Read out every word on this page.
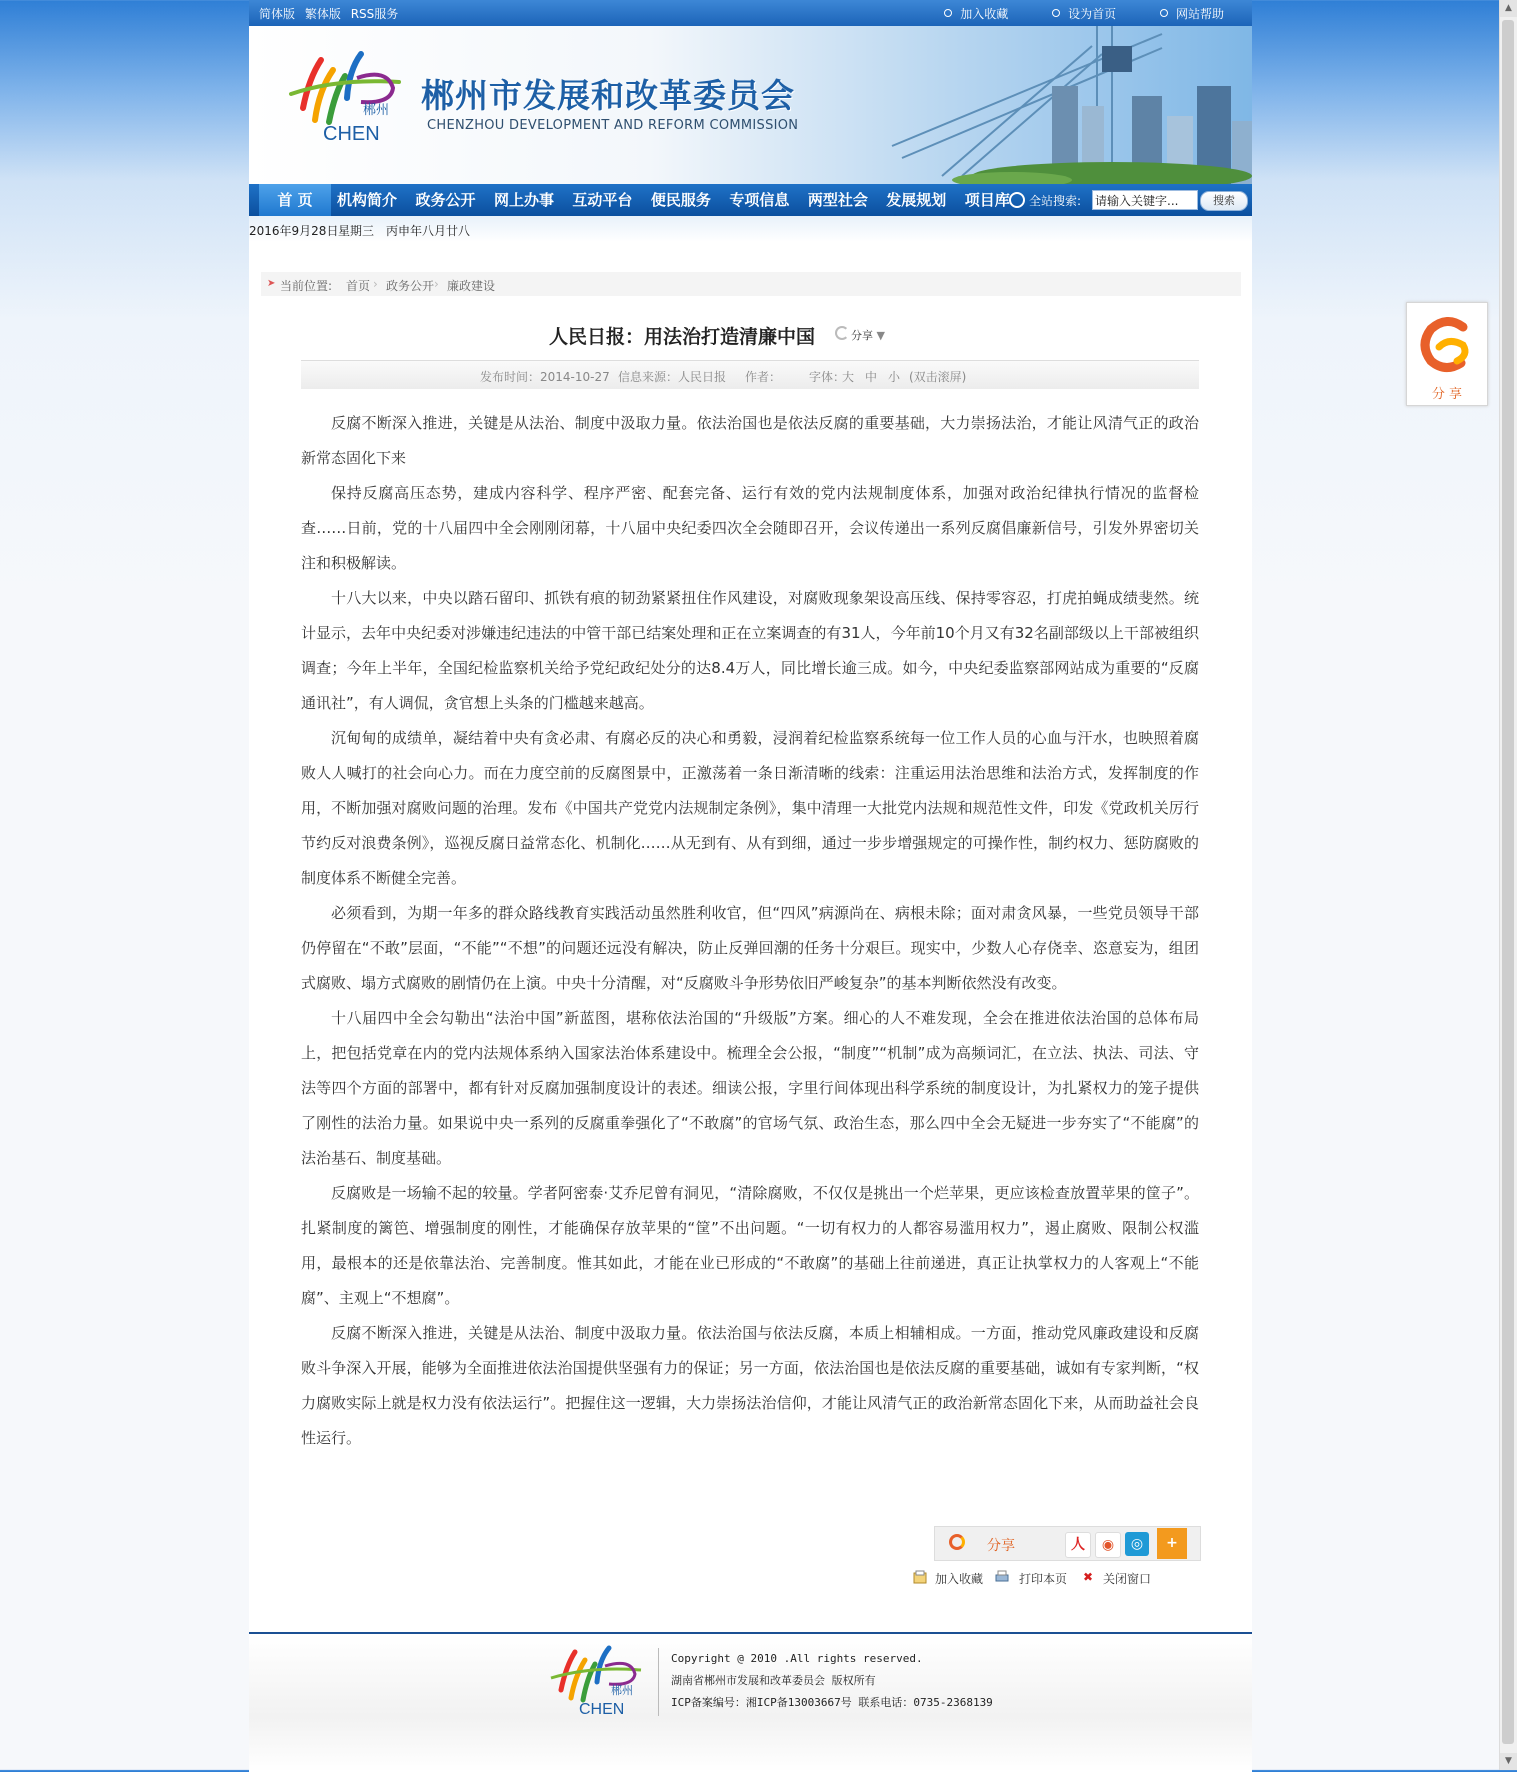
▲
▼
简体版 繁体版 RSS服务	加入收藏	设为首页	网站帮助
郴州
CHEN
郴州市发展和改革委员会
CHENZHOU DEVELOPMENT AND REFORM COMMISSION
首 页	机构简介 政务公开 网上办事 互动平台 便民服务 专项信息 两型社会 发展规划 项目库	全站搜索:
请输入关键字...	搜索
2016年9月28日 星期三 丙申年八月廿八
➤ 当前位置: 首页 › 政务公开 › 廉政建设
人民日报：用法治打造清廉中国	分享 ▼
发布时间：2014-10-27 信息来源：人民日报 作者： 字体：
大 中 小 (双击滚屏)

反腐不断深入推进，关键是从法治、制度中汲取力量。依法治国也是依法反腐的重要基础，大力崇扬法治，才能让风清气正的政治新常态固化下来

保持反腐高压态势，建成内容科学、程序严密、配套完备、运行有效的党内法规制度体系，加强对政治纪律执行情况的监督检查……日前，党的十八届四中全会刚刚闭幕，十八届中央纪委四次全会随即召开，会议传递出一系列反腐倡廉新信号，引发外界密切关注和积极解读。

十八大以来，中央以踏石留印、抓铁有痕的韧劲紧紧扭住作风建设，对腐败现象架设高压线、保持零容忍，打虎拍蝇成绩斐然。统计显示，去年中央纪委对涉嫌违纪违法的中管干部已结案处理和正在立案调查的有31人，今年前10个月又有32名副部级以上干部被组织调查；今年上半年，全国纪检监察机关给予党纪政纪处分的达8.4万人，同比增长逾三成。如今，中央纪委监察部网站成为重要的“反腐通讯社”，有人调侃，贪官想上头条的门槛越来越高。

沉甸甸的成绩单，凝结着中央有贪必肃、有腐必反的决心和勇毅，浸润着纪检监察系统每一位工作人员的心血与汗水，也映照着腐败人人喊打的社会向心力。而在力度空前的反腐图景中，正激荡着一条日渐清晰的线索：注重运用法治思维和法治方式，发挥制度的作用，不断加强对腐败问题的治理。发布《中国共产党党内法规制定条例》，集中清理一大批党内法规和规范性文件，印发《党政机关厉行节约反对浪费条例》，巡视反腐日益常态化、机制化……从无到有、从有到细，通过一步步增强规定的可操作性，制约权力、惩防腐败的制度体系不断健全完善。

必须看到，为期一年多的群众路线教育实践活动虽然胜利收官，但“四风”病源尚在、病根未除；面对肃贪风暴，一些党员领导干部仍停留在“不敢”层面，“不能”“不想”的问题还远没有解决，防止反弹回潮的任务十分艰巨。现实中，少数人心存侥幸、恣意妄为，组团式腐败、塌方式腐败的剧情仍在上演。中央十分清醒，对“反腐败斗争形势依旧严峻复杂”的基本判断依然没有改变。

十八届四中全会勾勒出“法治中国”新蓝图，堪称依法治国的“升级版”方案。细心的人不难发现，全会在推进依法治国的总体布局上，把包括党章在内的党内法规体系纳入国家法治体系建设中。梳理全会公报，“制度”“机制”成为高频词汇，在立法、执法、司法、守法等四个方面的部署中，都有针对反腐加强制度设计的表述。细读公报，字里行间体现出科学系统的制度设计，为扎紧权力的笼子提供了刚性的法治力量。如果说中央一系列的反腐重拳强化了“不敢腐”的官场气氛、政治生态，那么四中全会无疑进一步夯实了“不能腐”的法治基石、制度基础。

反腐败是一场输不起的较量。学者阿密泰·艾乔尼曾有洞见，“清除腐败，不仅仅是挑出一个烂苹果，更应该检查放置苹果的筐子”。扎紧制度的篱笆、增强制度的刚性，才能确保存放苹果的“筐”不出问题。“一切有权力的人都容易滥用权力”，遏止腐败、限制公权滥用，最根本的还是依靠法治、完善制度。惟其如此，才能在业已形成的“不敢腐”的基础上往前递进，真正让执掌权力的人客观上“不能腐”、主观上“不想腐”。

反腐不断深入推进，关键是从法治、制度中汲取力量。依法治国与依法反腐，本质上相辅相成。一方面，推动党风廉政建设和反腐败斗争深入开展，能够为全面推进依法治国提供坚强有力的保证；另一方面，依法治国也是依法反腐的重要基础，诚如有专家判断，“权力腐败实际上就是权力没有依法运行”。把握住这一逻辑，大力崇扬法治信仰，才能让风清气正的政治新常态固化下来，从而助益社会良性运行。

分享	人	◉	◎	+
加入收藏	打印本页 ✖ 关闭窗口
郴州
CHEN
Copyright @ 2010 .All rights reserved.
湖南省郴州市发展和改革委员会 版权所有
ICP备案编号：湘ICP备13003667号 联系电话：0735-2368139
分 享
